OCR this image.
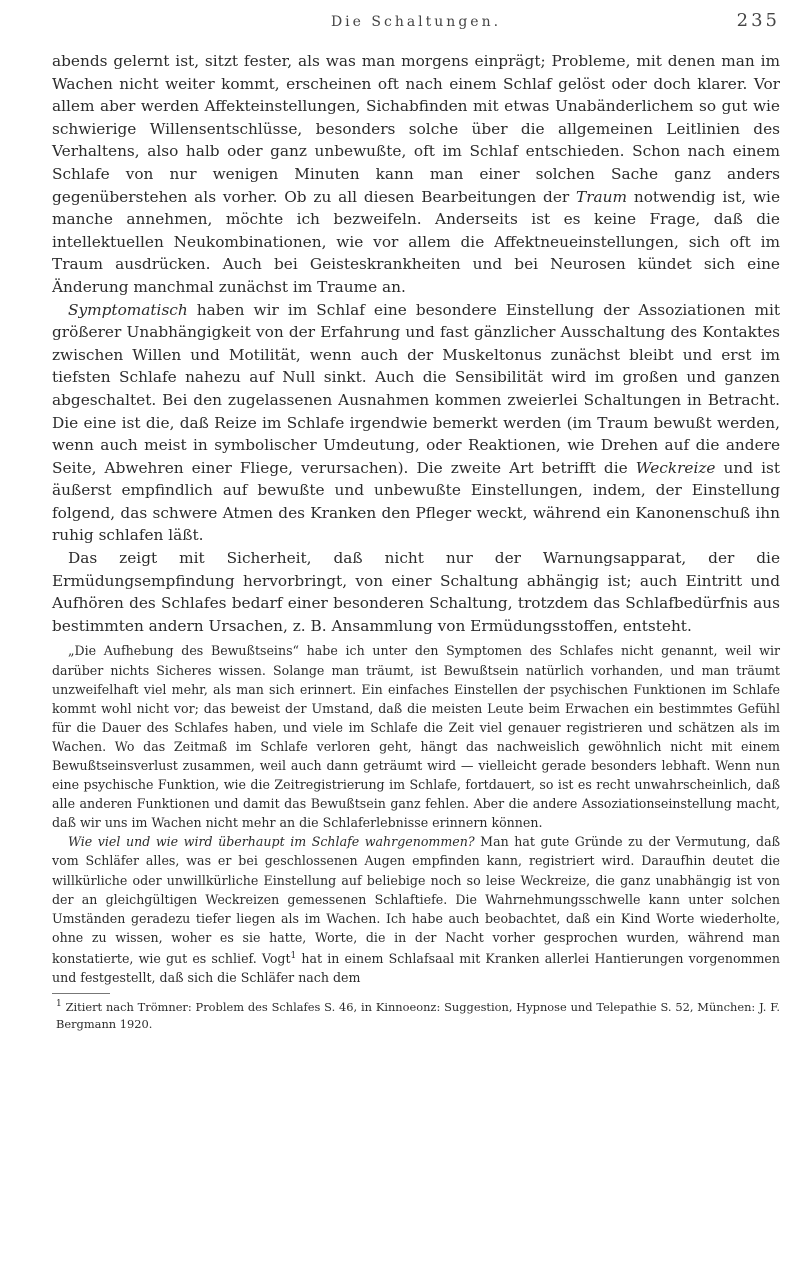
Die Schaltungen.	235

abends gelernt ist, sitzt fester, als was man morgens einprägt; Probleme, mit denen man im Wachen nicht weiter kommt, erscheinen oft nach einem Schlaf gelöst oder doch klarer. Vor allem aber werden Affekteinstellungen, Sichabfinden mit etwas Unabänderlichem so gut wie schwierige Willensentschlüsse, besonders solche über die allgemeinen Leitlinien des Verhaltens, also halb oder ganz unbewußte, oft im Schlaf entschieden. Schon nach einem Schlafe von nur wenigen Minuten kann man einer solchen Sache ganz anders gegenüberstehen als vorher. Ob zu all diesen Bearbeitungen der Traum notwendig ist, wie manche annehmen, möchte ich bezweifeln. Anderseits ist es keine Frage, daß die intellektuellen Neukombinationen, wie vor allem die Affektneueinstellungen, sich oft im Traum ausdrücken. Auch bei Geisteskrankheiten und bei Neurosen kündet sich eine Änderung manchmal zunächst im Traume an.

Symptomatisch haben wir im Schlaf eine besondere Einstellung der Assoziationen mit größerer Unabhängigkeit von der Erfahrung und fast gänzlicher Ausschaltung des Kontaktes zwischen Willen und Motilität, wenn auch der Muskeltonus zunächst bleibt und erst im tiefsten Schlafe nahezu auf Null sinkt. Auch die Sensibilität wird im großen und ganzen abgeschaltet. Bei den zugelassenen Ausnahmen kommen zweierlei Schaltungen in Betracht. Die eine ist die, daß Reize im Schlafe irgendwie bemerkt werden (im Traum bewußt werden, wenn auch meist in symbolischer Umdeutung, oder Reaktionen, wie Drehen auf die andere Seite, Abwehren einer Fliege, verursachen). Die zweite Art betrifft die Weckreize und ist äußerst empfindlich auf bewußte und unbewußte Einstellungen, indem, der Einstellung folgend, das schwere Atmen des Kranken den Pfleger weckt, während ein Kanonenschuß ihn ruhig schlafen läßt.

Das zeigt mit Sicherheit, daß nicht nur der Warnungsapparat, der die Ermüdungsempfindung hervorbringt, von einer Schaltung abhängig ist; auch Eintritt und Aufhören des Schlafes bedarf einer besonderen Schaltung, trotzdem das Schlafbedürfnis aus bestimmten andern Ursachen, z. B. Ansammlung von Ermüdungsstoffen, entsteht.

„Die Aufhebung des Bewußtseins“ habe ich unter den Symptomen des Schlafes nicht genannt, weil wir darüber nichts Sicheres wissen. Solange man träumt, ist Bewußtsein natürlich vorhanden, und man träumt unzweifelhaft viel mehr, als man sich erinnert. Ein einfaches Einstellen der psychischen Funktionen im Schlafe kommt wohl nicht vor; das beweist der Umstand, daß die meisten Leute beim Erwachen ein bestimmtes Gefühl für die Dauer des Schlafes haben, und viele im Schlafe die Zeit viel genauer registrieren und schätzen als im Wachen. Wo das Zeitmaß im Schlafe verloren geht, hängt das nachweislich gewöhnlich nicht mit einem Bewußtseinsverlust zusammen, weil auch dann geträumt wird — vielleicht gerade besonders lebhaft. Wenn nun eine psychische Funktion, wie die Zeitregistrierung im Schlafe, fortdauert, so ist es recht unwahrscheinlich, daß alle anderen Funktionen und damit das Bewußtsein ganz fehlen. Aber die andere Assoziationseinstellung macht, daß wir uns im Wachen nicht mehr an die Schlaferlebnisse erinnern können.

Wie viel und wie wird überhaupt im Schlafe wahrgenommen? Man hat gute Gründe zu der Vermutung, daß vom Schläfer alles, was er bei geschlossenen Augen empfinden kann, registriert wird. Daraufhin deutet die willkürliche oder unwillkürliche Einstellung auf beliebige noch so leise Weckreize, die ganz unabhängig ist von der an gleichgültigen Weckreizen gemessenen Schlaftiefe. Die Wahrnehmungsschwelle kann unter solchen Umständen geradezu tiefer liegen als im Wachen. Ich habe auch beobachtet, daß ein Kind Worte wiederholte, ohne zu wissen, woher es sie hatte, Worte, die in der Nacht vorher gesprochen wurden, während man konstatierte, wie gut es schlief. Vogt$^1$ hat in einem Schlafsaal mit Kranken allerlei Hantierungen vorgenommen und festgestellt, daß sich die Schläfer nach dem

$^1$ Zitiert nach Trömner: Problem des Schlafes S. 46, in Kinnoeonz: Suggestion, Hypnose und Telepathie S. 52, München: J. F. Bergmann 1920.
